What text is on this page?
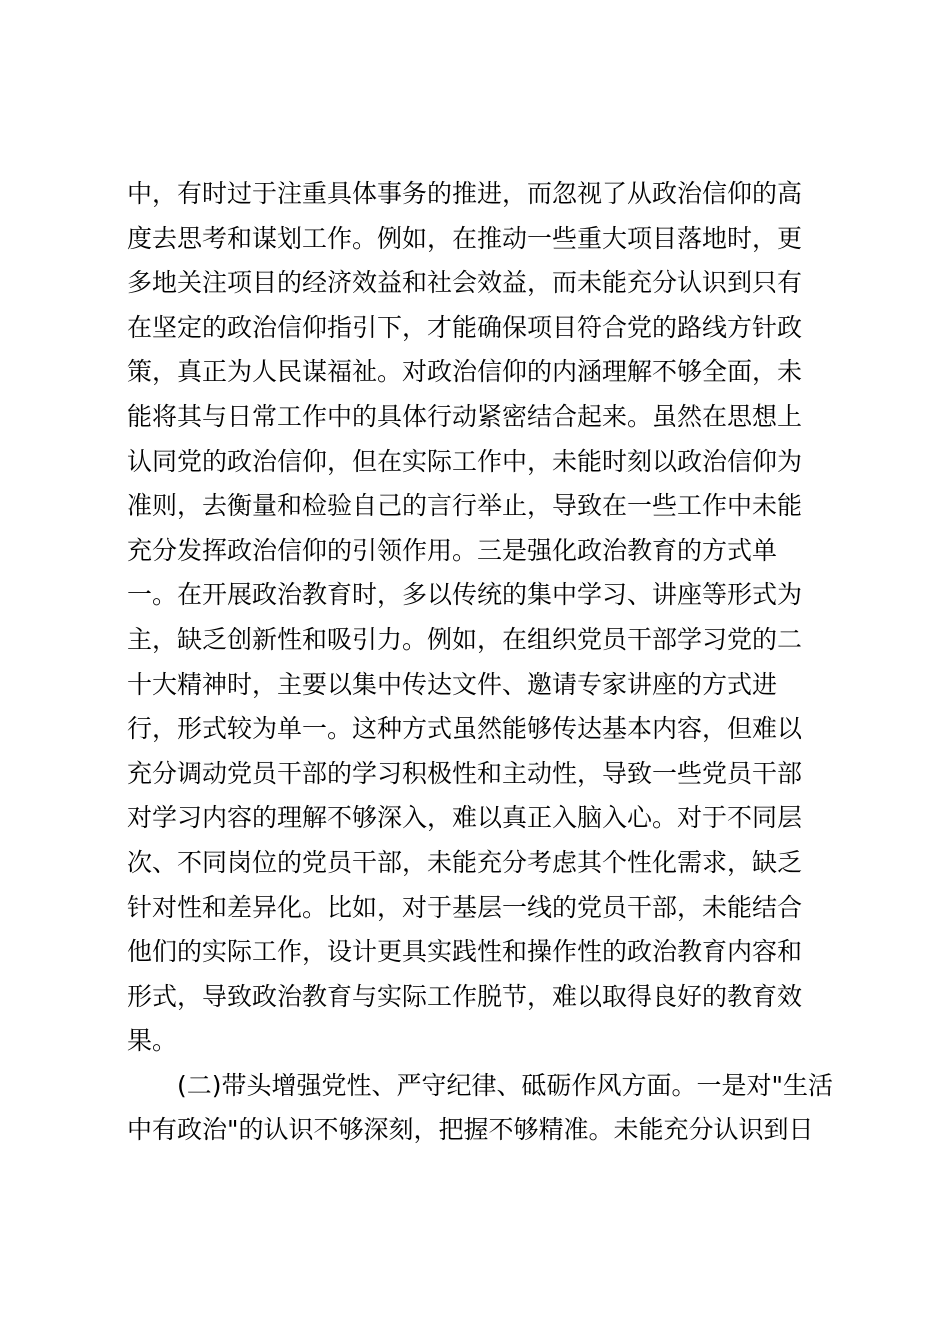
中，有时过于注重具体事务的推进，而忽视了从政治信仰的高
度去思考和谋划工作。例如，在推动一些重大项目落地时，更
多地关注项目的经济效益和社会效益，而未能充分认识到只有
在坚定的政治信仰指引下，才能确保项目符合党的路线方针政
策，真正为人民谋福祉。对政治信仰的内涵理解不够全面，未
能将其与日常工作中的具体行动紧密结合起来。虽然在思想上
认同党的政治信仰，但在实际工作中，未能时刻以政治信仰为
准则，去衡量和检验自己的言行举止，导致在一些工作中未能
充分发挥政治信仰的引领作用。三是强化政治教育的方式单
一。在开展政治教育时，多以传统的集中学习、讲座等形式为
主，缺乏创新性和吸引力。例如，在组织党员干部学习党的二
十大精神时，主要以集中传达文件、邀请专家讲座的方式进
行，形式较为单一。这种方式虽然能够传达基本内容，但难以
充分调动党员干部的学习积极性和主动性，导致一些党员干部
对学习内容的理解不够深入，难以真正入脑入心。对于不同层
次、不同岗位的党员干部，未能充分考虑其个性化需求，缺乏
针对性和差异化。比如，对于基层一线的党员干部，未能结合
他们的实际工作，设计更具实践性和操作性的政治教育内容和
形式，导致政治教育与实际工作脱节，难以取得良好的教育效
果。
(二)带头增强党性、严守纪律、砥砺作风方面。一是对"生活
中有政治"的认识不够深刻，把握不够精准。未能充分认识到日
